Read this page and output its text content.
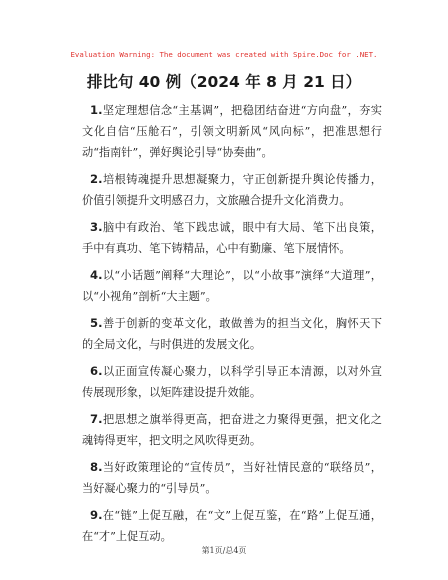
Evaluation Warning: The document was created with Spire.Doc for .NET.
排比句 40 例（2024 年 8 月 21 日）

1.坚定理想信念“主基调”，把稳团结奋进“方向盘”，夯实文化自信“压舱石”，引领文明新风“风向标”，把准思想行动“指南针”，弹好舆论引导“协奏曲”。

2.培根铸魂提升思想凝聚力，守正创新提升舆论传播力，价值引领提升文明感召力，文旅融合提升文化消费力。

3.脑中有政治、笔下践忠诚，眼中有大局、笔下出良策，手中有真功、笔下铸精品，心中有勤廉、笔下展情怀。

4.以“小话题”阐释“大理论”，以“小故事”演绎“大道理”，以“小视角”剖析“大主题”。

5.善于创新的变革文化，敢做善为的担当文化，胸怀天下的全局文化，与时俱进的发展文化。

6.以正面宣传凝心聚力，以科学引导正本清源，以对外宣传展现形象，以矩阵建设提升效能。

7.把思想之旗举得更高，把奋进之力聚得更强，把文化之魂铸得更牢，把文明之风吹得更劲。

8.当好政策理论的“宣传员”，当好社情民意的“联络员”，当好凝心聚力的“引导员”。

9.在“链”上促互融，在“文”上促互鉴，在“路”上促互通，在“才”上促互动。

第1页/总4页
